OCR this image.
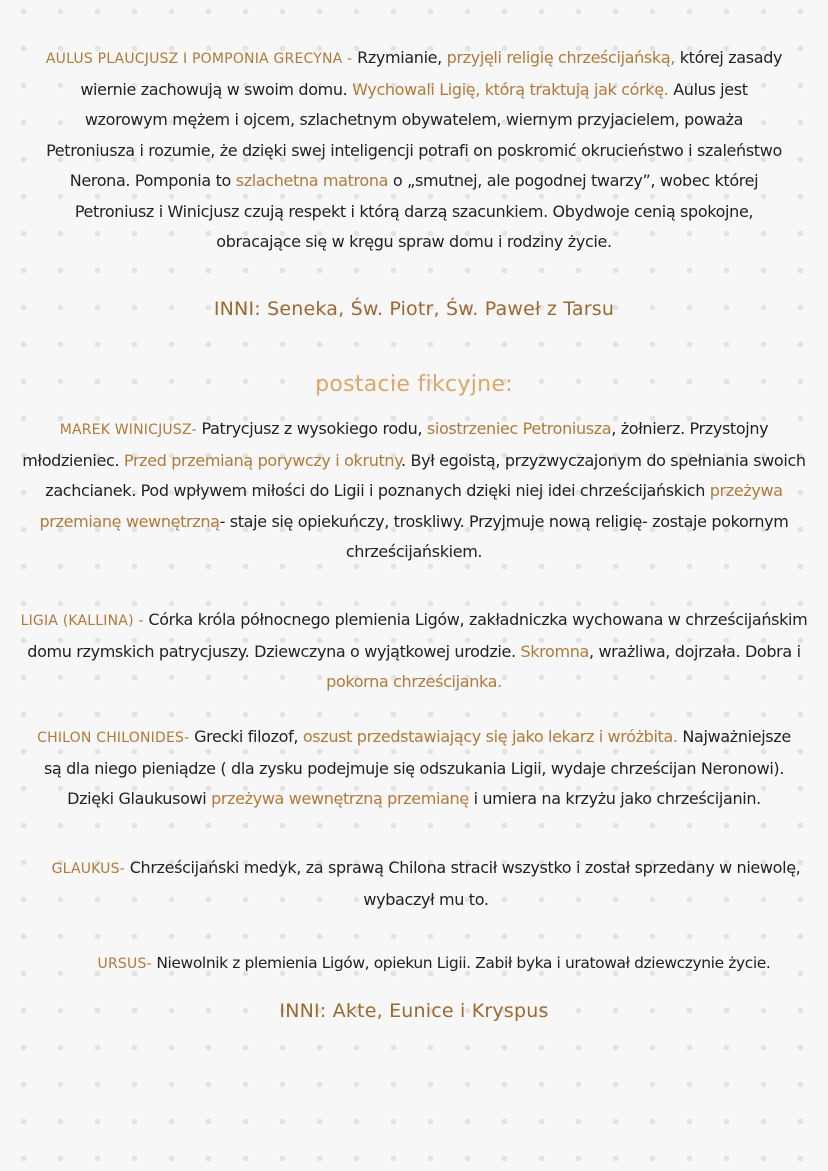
AULUS PLAUCJUSZ I POMPONIA GRECYNA - Rzymianie, przyjęli religię chrześcijańską, której zasady wiernie zachowują w swoim domu. Wychowali Ligię, którą traktują jak córkę. Aulus jest wzorowym mężem i ojcem, szlachetnym obywatelem, wiernym przyjacielem, poważa Petroniusza i rozumie, że dzięki swej inteligencji potrafi on poskromić okrucieństwo i szaleństwo Nerona. Pomponia to szlachetna matrona o „smutnej, ale pogodnej twarzy”, wobec której Petroniusz i Winicjusz czują respekt i którą darzą szacunkiem. Obydwoje cenią spokojne, obracające się w kręgu spraw domu i rodziny życie.

INNI: Seneka, Św. Piotr, Św. Paweł z Tarsu
postacie fikcyjne:

MAREK WINICJUSZ- Patrycjusz z wysokiego rodu, siostrzeniec Petroniusza, żołnierz. Przystojny młodzieniec. Przed przemianą porywczy i okrutny. Był egoistą, przyzwyczajonym do spełniania swoich zachcianek. Pod wpływem miłości do Ligii i poznanych dzięki niej idei chrześcijańskich przeżywa przemianę wewnętrzną- staje się opiekuńczy, troskliwy. Przyjmuje nową religię- zostaje pokornym chrześcijańskiem.

LIGIA (KALLINA) - Córka króla północnego plemienia Ligów, zakładniczka wychowana w chrześcijańskim domu rzymskich patrycjuszy. Dziewczyna o wyjątkowej urodzie. Skromna, wrażliwa, dojrzała. Dobra i pokorna chrześcijanka.

CHILON CHILONIDES- Grecki filozof, oszust przedstawiający się jako lekarz i wróżbita. Najważniejsze są dla niego pieniądze ( dla zysku podejmuje się odszukania Ligii, wydaje chrześcijan Neronowi). Dzięki Glaukusowi przeżywa wewnętrzną przemianę i umiera na krzyżu jako chrześcijanin.

GLAUKUS- Chrześcijański medyk, za sprawą Chilona stracił wszystko i został sprzedany w niewolę, wybaczył mu to.

URSUS- Niewolnik z plemienia Ligów, opiekun Ligii. Zabił byka i uratował dziewczynie życie.

INNI: Akte, Eunice i Kryspus
